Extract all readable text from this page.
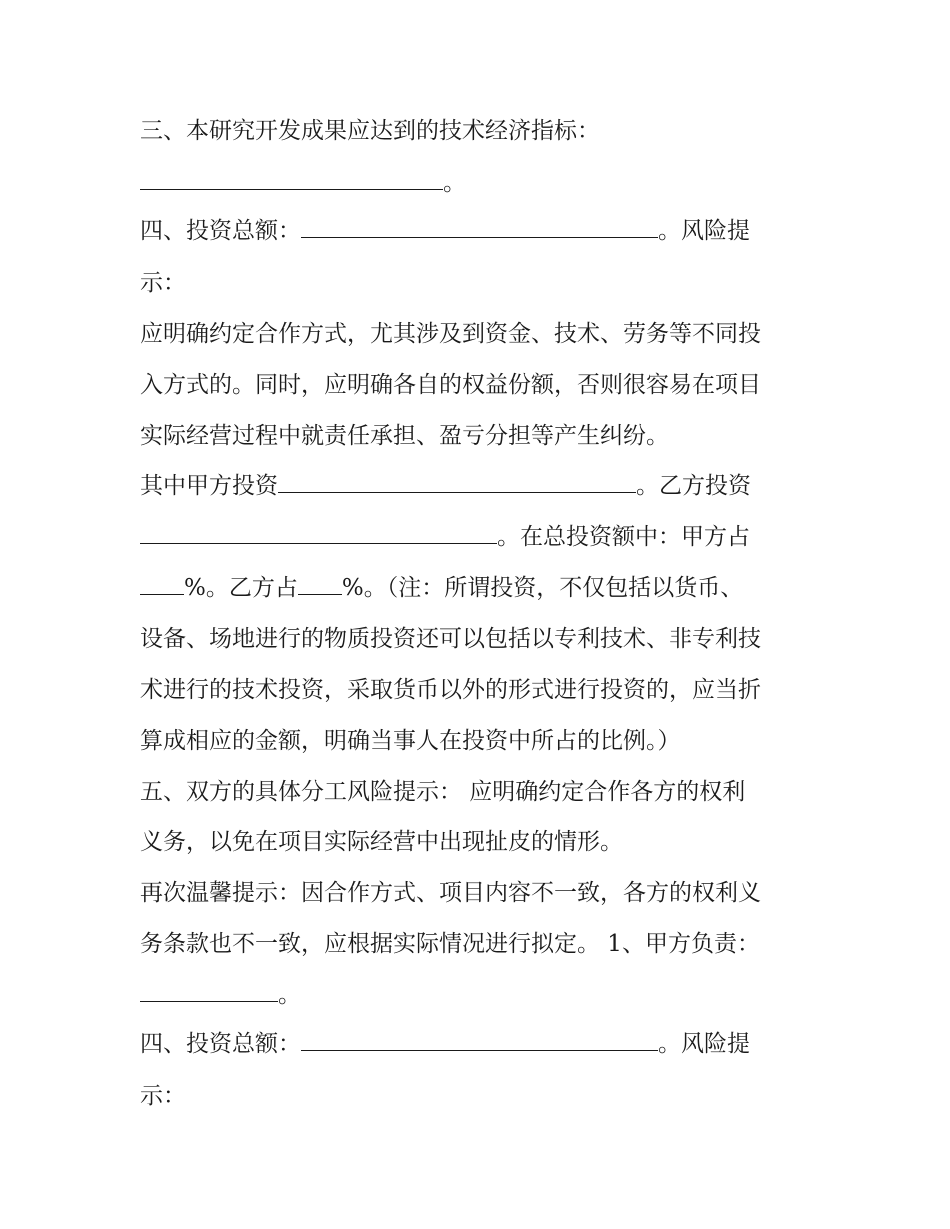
三、本研究开发成果应达到的技术经济指标：
。
四、投资总额：	。风险提
示：
应明确约定合作方式，尤其涉及到资金、技术、劳务等不同投
入方式的。同时，应明确各自的权益份额，否则很容易在项目
实际经营过程中就责任承担、盈亏分担等产生纠纷。
其中甲方投资	。乙方投资
。在总投资额中：甲方占
%。乙方占 %。（注：所谓投资，不仅包括以货币、
设备、场地进行的物质投资还可以包括以专利技术、非专利技
术进行的技术投资，采取货币以外的形式进行投资的，应当折
算成相应的金额，明确当事人在投资中所占的比例。）
五、双方的具体分工风险提示： 应明确约定合作各方的权利
义务，以免在项目实际经营中出现扯皮的情形。
再次温馨提示：因合作方式、项目内容不一致，各方的权利义
务条款也不一致，应根据实际情况进行拟定。 1、甲方负责：
。
四、投资总额：	。风险提
示：
